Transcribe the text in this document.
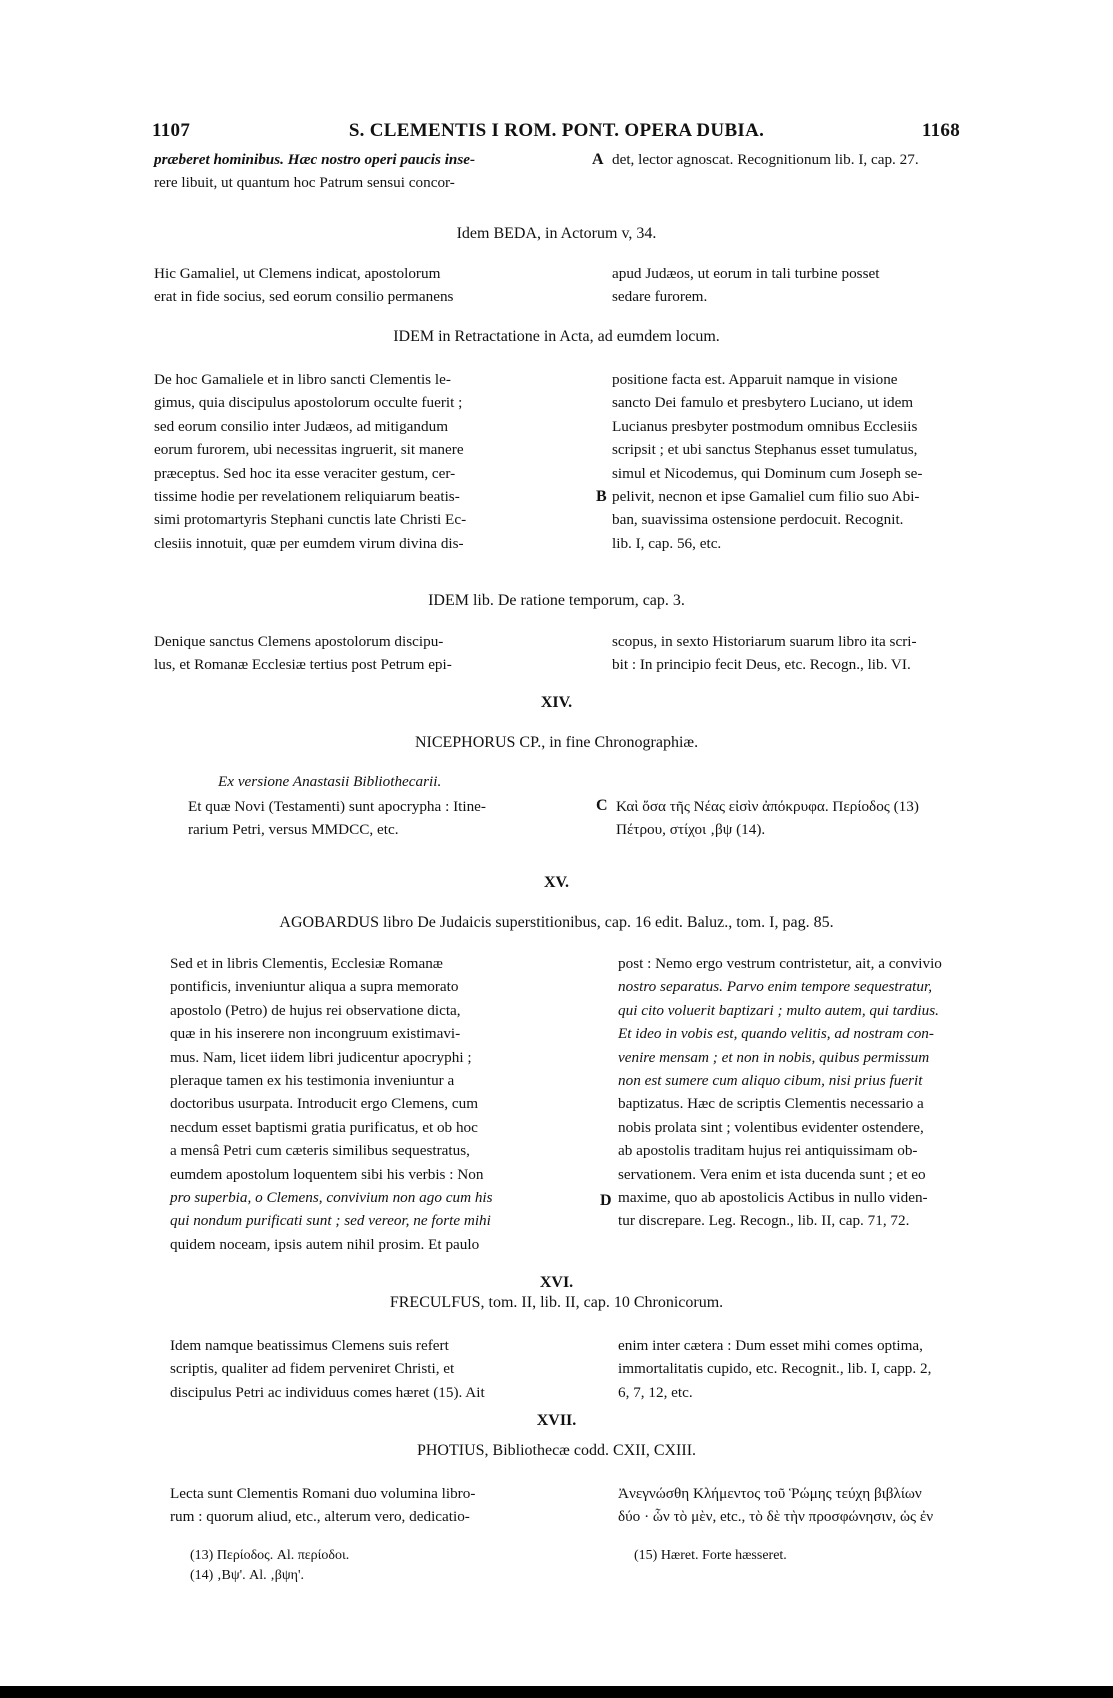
1107	S. CLEMENTIS I ROM. PONT. OPERA DUBIA.	1168
præberet hominibus. Hæc nostro operi paucis inse-
rere libuit, ut quantum hoc Patrum sensui concor-
A det, lector agnoscat. Recognitionum lib. I, cap. 27.
Idem BEDA, in Actorum v, 34.
Hic Gamaliel, ut Clemens indicat, apostolorum
erat in fide socius, sed eorum consilio permanens
apud Judæos, ut eorum in tali turbine posset
sedare furorem.
IDEM in Retractatione in Acta, ad eumdem locum.
De hoc Gamaliele et in libro sancti Clementis le-
gimus, quia discipulus apostolorum occulte fuerit ;
sed eorum consilio inter Judæos, ad mitigandum
eorum furorem, ubi necessitas ingruerit, sit manere
præceptus. Sed hoc ita esse veraciter gestum, cer-
tissime hodie per revelationem reliquiarum beatis-
simi protomartyris Stephani cunctis late Christi Ec-
clesiis innotuit, quæ per eumdem virum divina dis-
B
positione facta est. Apparuit namque in visione
sancto Dei famulo et presbytero Luciano, ut idem
Lucianus presbyter postmodum omnibus Ecclesiis
scripsit ; et ubi sanctus Stephanus esset tumulatus,
simul et Nicodemus, qui Dominum cum Joseph se-
pelivit, necnon et ipse Gamaliel cum filio suo Abi-
ban, suavissima ostensione perdocuit. Recognit.
lib. I, cap. 56, etc.
IDEM lib. De ratione temporum, cap. 3.
Denique sanctus Clemens apostolorum discipu-
lus, et Romanæ Ecclesiæ tertius post Petrum epi-
scopus, in sexto Historiarum suarum libro ita scri-
bit : In principio fecit Deus, etc. Recogn., lib. VI.
XIV.
NICEPHORUS CP., in fine Chronographiæ.
Ex versione Anastasii Bibliothecarii.
Et quæ Novi (Testamenti) sunt apocrypha : Itine-
rarium Petri, versus MMDCC, etc.
C Καὶ ὅσα τῆς Νέας εἰσὶν ἀπόκρυφα. Περίοδος (13)
Πέτρου, στίχοι ‚βψ (14).
XV.
AGOBARDUS libro De Judaicis superstitionibus, cap. 16 edit. Baluz., tom. I, pag. 85.
Sed et in libris Clementis, Ecclesiæ Romanæ
pontificis, inveniuntur aliqua a supra memorato
apostolo (Petro) de hujus rei observatione dicta,
quæ in his inserere non incongruum existimavi-
mus. Nam, licet iidem libri judicentur apocryphi ;
pleraque tamen ex his testimonia inveniuntur a
doctoribus usurpata. Introducit ergo Clemens, cum
necdum esset baptismi gratia purificatus, et ob hoc
a mensâ Petri cum cæteris similibus sequestratus,
eumdem apostolum loquentem sibi his verbis : Non
pro superbia, o Clemens, convivium non ago cum his
qui nondum purificati sunt ; sed vereor, ne forte mihi
quidem noceam, ipsis autem nihil prosim. Et paulo
D
post : Nemo ergo vestrum contristetur, ait, a convivio
nostro separatus. Parvo enim tempore sequestratur,
qui cito voluerit baptizari ; multo autem, qui tardius.
Et ideo in vobis est, quando velitis, ad nostram con-
venire mensam ; et non in nobis, quibus permissum
non est sumere cum aliquo cibum, nisi prius fuerit
baptizatus. Hæc de scriptis Clementis necessario a
nobis prolata sint ; volentibus evidenter ostendere,
ab apostolis traditam hujus rei antiquissimam ob-
servationem. Vera enim et ista ducenda sunt ; et eo
maxime, quo ab apostolicis Actibus in nullo viden-
tur discrepare. Leg. Recogn., lib. II, cap. 71, 72.
XVI.
FRECULFUS, tom. II, lib. II, cap. 10 Chronicorum.
Idem namque beatissimus Clemens suis refert
scriptis, qualiter ad fidem perveniret Christi, et
discipulus Petri ac individuus comes hæret (15). Ait
enim inter cætera : Dum esset mihi comes optima,
immortalitatis cupido, etc. Recognit., lib. I, capp. 2,
6, 7, 12, etc.
XVII.
PHOTIUS, Bibliothecæ codd. CXII, CXIII.
Lecta sunt Clementis Romani duo volumina libro-
rum : quorum aliud, etc., alterum vero, dedicatio-
Ἀνεγνώσθη Κλήμεντος τοῦ Ῥώμης τεύχη βιβλίων
δύο · ὧν τὸ μὲν, etc., τὸ δὲ τὴν προσφώνησιν, ὡς ἐν
(13) Περίοδος. Al. περίοδοι.
(14) ‚Βψ'. Al. ‚βψη'.
(15) Hæret. Forte hæsseret.
